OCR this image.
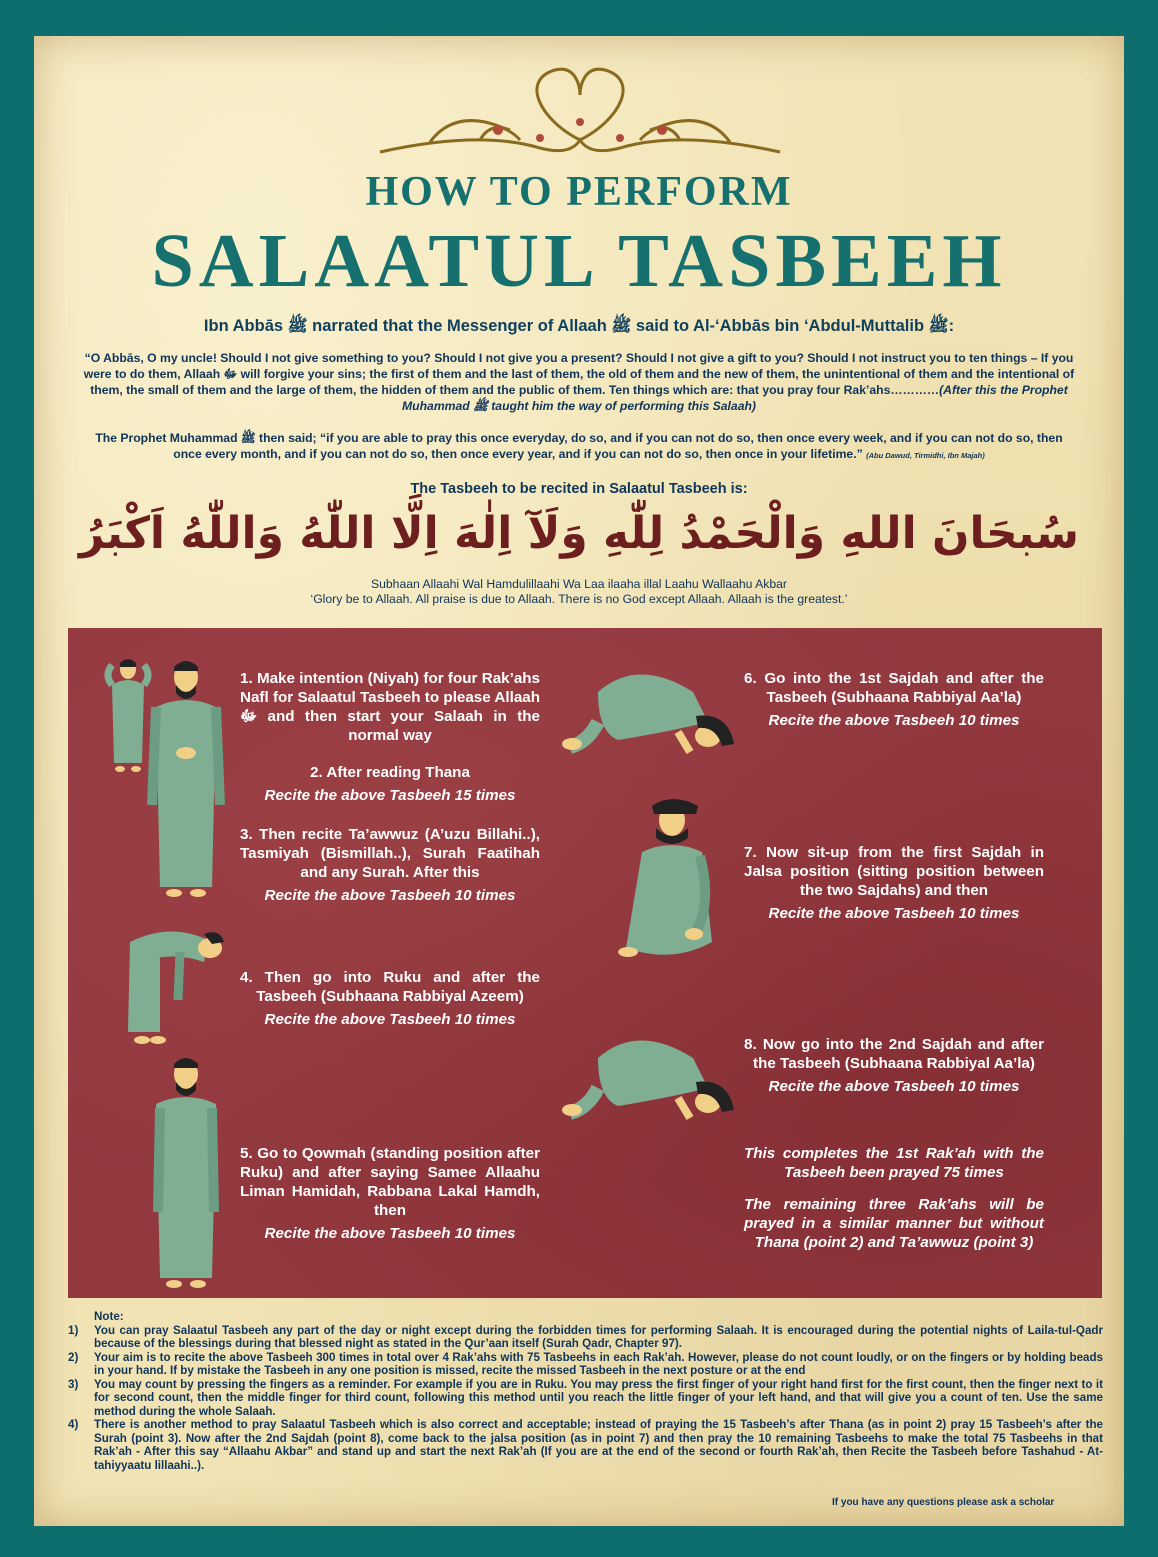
HOW TO PERFORM
SALAATUL TASBEEH
Ibn Abbās ﷺ narrated that the Messenger of Allaah ﷺ said to Al-‘Abbās bin ‘Abdul-Muttalib ﷺ:
“O Abbās, O my uncle! Should I not give something to you? Should I not give you a present? Should I not give a gift to you? Should I not instruct you to ten things – If you were to do them, Allaah ﷻ will forgive your sins; the first of them and the last of them, the old of them and the new of them, the unintentional of them and the intentional of them, the small of them and the large of them, the hidden of them and the public of them. Ten things which are: that you pray four Rak’ahs…………(After this the Prophet Muhammad ﷺ taught him the way of performing this Salaah)
The Prophet Muhammad ﷺ then said; “if you are able to pray this once everyday, do so, and if you can not do so, then once every week, and if you can not do so, then once every month, and if you can not do so, then once every year, and if you can not do so, then once in your lifetime.” (Abu Dawud, Tirmidhi, Ibn Majah)
The Tasbeeh to be recited in Salaatul Tasbeeh is:
سُبحَانَ اللهِ وَالْحَمْدُ لِلّٰهِ وَلَآ اِلٰهَ اِلَّا اللّٰهُ وَاللّٰهُ اَكْبَرُ
Subhaan Allaahi Wal Hamdulillaahi Wa Laa ilaaha illal Laahu Wallaahu Akbar
‘Glory be to Allaah. All praise is due to Allaah. There is no God except Allaah. Allaah is the greatest.’
1. Make intention (Niyah) for four Rak’ahs Nafl for Salaatul Tasbeeh to please Allaah ﷻ and then start your Salaah in the normal way
2. After reading Thana
Recite the above Tasbeeh 15 times
3. Then recite Ta’awwuz (A’uzu Billahi..), Tasmiyah (Bismillah..), Surah Faatihah and any Surah. After this
Recite the above Tasbeeh 10 times
4. Then go into Ruku and after the Tasbeeh (Subhaana Rabbiyal Azeem)
Recite the above Tasbeeh 10 times
5. Go to Qowmah (standing position after Ruku) and after saying Samee Allaahu Liman Hamidah, Rabbana Lakal Hamdh, then
Recite the above Tasbeeh 10 times
6. Go into the 1st Sajdah and after the Tasbeeh (Subhaana Rabbiyal Aa’la)
Recite the above Tasbeeh 10 times
7. Now sit-up from the first Sajdah in Jalsa position (sitting position between the two Sajdahs) and then
Recite the above Tasbeeh 10 times
8. Now go into the 2nd Sajdah and after the Tasbeeh (Subhaana Rabbiyal Aa’la)
Recite the above Tasbeeh 10 times
This completes the 1st Rak’ah with the Tasbeeh been prayed 75 times
The remaining three Rak’ahs will be prayed in a similar manner but without Thana (point 2) and Ta’awwuz (point 3)
Note:
1)	You can pray Salaatul Tasbeeh any part of the day or night except during the forbidden times for performing Salaah. It is encouraged during the potential nights of Laila-tul-Qadr because of the blessings during that blessed night as stated in the Qur’aan itself (Surah Qadr, Chapter 97).
2)	Your aim is to recite the above Tasbeeh 300 times in total over 4 Rak’ahs with 75 Tasbeehs in each Rak’ah. However, please do not count loudly, or on the fingers or by holding beads in your hand. If by mistake the Tasbeeh in any one position is missed, recite the missed Tasbeeh in the next posture or at the end
3)	You may count by pressing the fingers as a reminder. For example if you are in Ruku. You may press the first finger of your right hand first for the first count, then the finger next to it for second count, then the middle finger for third count, following this method until you reach the little finger of your left hand, and that will give you a count of ten. Use the same method during the whole Salaah.
4)	There is another method to pray Salaatul Tasbeeh which is also correct and acceptable; instead of praying the 15 Tasbeeh’s after Thana (as in point 2) pray 15 Tasbeeh’s after the Surah (point 3). Now after the 2nd Sajdah (point 8), come back to the jalsa position (as in point 7) and then pray the 10 remaining Tasbeehs to make the total 75 Tasbeehs in that Rak’ah - After this say “Allaahu Akbar” and stand up and start the next Rak’ah (If you are at the end of the second or fourth Rak’ah, then Recite the Tasbeeh before Tashahud - At-tahiyyaatu lillaahi..).
If you have any questions please ask a scholar
